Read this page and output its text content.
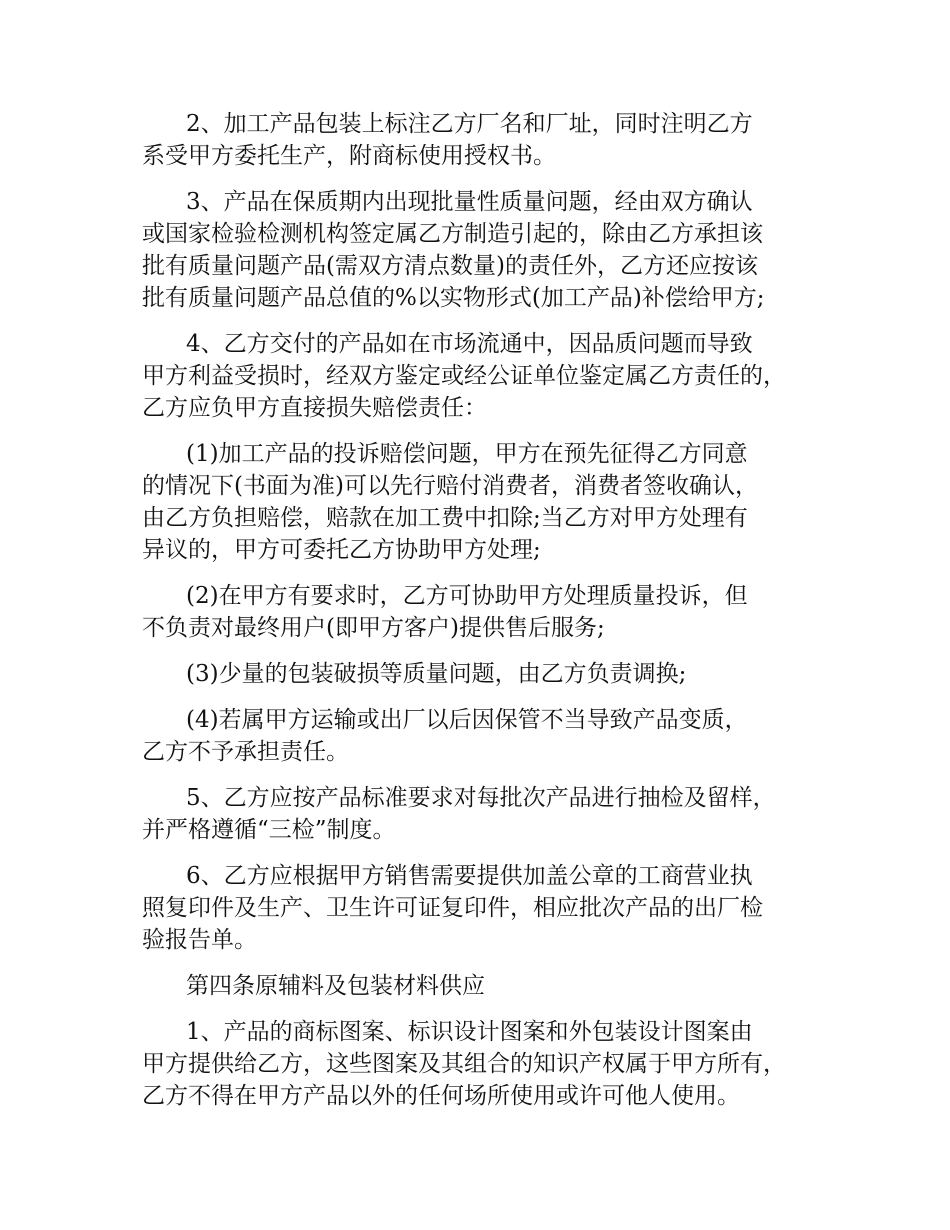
2、加工产品包装上标注乙方厂名和厂址，同时注明乙方
系受甲方委托生产，附商标使用授权书。

3、产品在保质期内出现批量性质量问题，经由双方确认
或国家检验检测机构签定属乙方制造引起的，除由乙方承担该
批有质量问题产品(需双方清点数量)的责任外，乙方还应按该
批有质量问题产品总值的%以实物形式(加工产品)补偿给甲方;

4、乙方交付的产品如在市场流通中，因品质问题而导致
甲方利益受损时，经双方鉴定或经公证单位鉴定属乙方责任的，
乙方应负甲方直接损失赔偿责任：

(1)加工产品的投诉赔偿问题，甲方在预先征得乙方同意
的情况下(书面为准)可以先行赔付消费者，消费者签收确认，
由乙方负担赔偿，赔款在加工费中扣除;当乙方对甲方处理有
异议的，甲方可委托乙方协助甲方处理;

(2)在甲方有要求时，乙方可协助甲方处理质量投诉，但
不负责对最终用户(即甲方客户)提供售后服务;

(3)少量的包装破损等质量问题，由乙方负责调换;

(4)若属甲方运输或出厂以后因保管不当导致产品变质，
乙方不予承担责任。

5、乙方应按产品标准要求对每批次产品进行抽检及留样，
并严格遵循“三检”制度。

6、乙方应根据甲方销售需要提供加盖公章的工商营业执
照复印件及生产、卫生许可证复印件，相应批次产品的出厂检
验报告单。

第四条原辅料及包装材料供应

1、产品的商标图案、标识设计图案和外包装设计图案由
甲方提供给乙方，这些图案及其组合的知识产权属于甲方所有，
乙方不得在甲方产品以外的任何场所使用或许可他人使用。
